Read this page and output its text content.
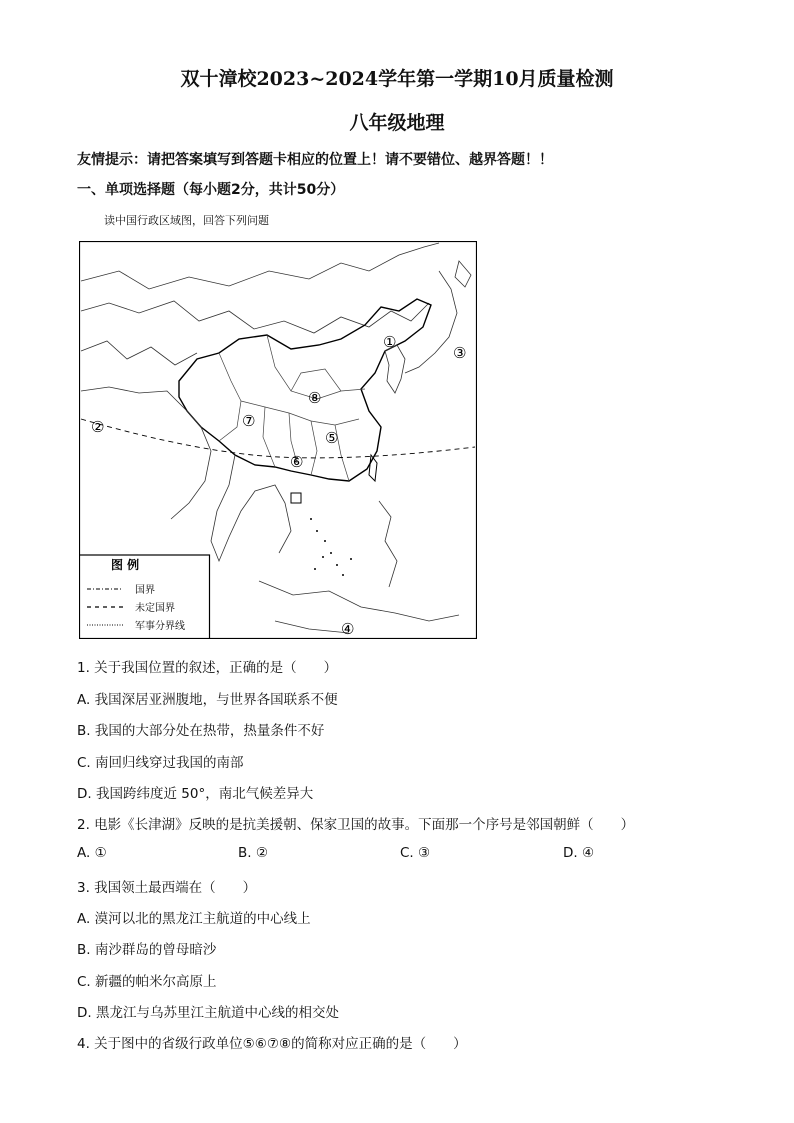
双十漳校2023~2024学年第一学期10月质量检测
八年级地理
友情提示：请把答案填写到答题卡相应的位置上！请不要错位、越界答题！！
一、单项选择题（每小题2分，共计50分）
读中国行政区域图，回答下列问题
①
②
③
④
⑤
⑥
⑦
⑧
图 例
国界
未定国界
军事分界线
1. 关于我国位置的叙述，正确的是（　　）
A. 我国深居亚洲腹地，与世界各国联系不便
B. 我国的大部分处在热带，热量条件不好
C. 南回归线穿过我国的南部
D. 我国跨纬度近 50°，南北气候差异大
2. 电影《长津湖》反映的是抗美援朝、保家卫国的故事。下面那一个序号是邻国朝鲜（　　）
A. ①	B. ②	C. ③	D. ④
3. 我国领土最西端在（　　）
A. 漠河以北的黑龙江主航道的中心线上
B. 南沙群岛的曾母暗沙
C. 新疆的帕米尔高原上
D. 黑龙江与乌苏里江主航道中心线的相交处
4. 关于图中的省级行政单位⑤⑥⑦⑧的简称对应正确的是（　　）
